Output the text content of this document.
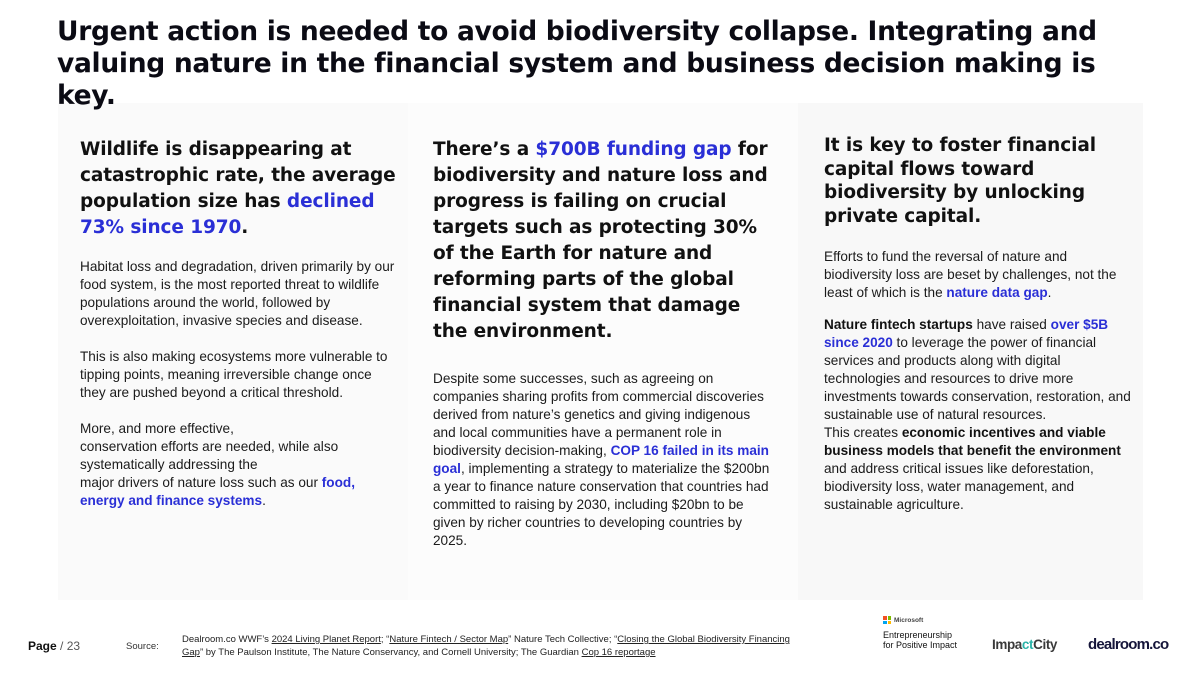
Urgent action is needed to avoid biodiversity collapse. Integrating and valuing nature in the financial system and business decision making is key.
Wildlife is disappearing at catastrophic rate, the average population size has declined 73% since 1970.

Habitat loss and degradation, driven primarily by our food system, is the most reported threat to wildlife populations around the world, followed by overexploitation, invasive species and disease.

This is also making ecosystems more vulnerable to tipping points, meaning irreversible change once they are pushed beyond a critical threshold.

More, and more effective,
conservation efforts are needed, while also systematically addressing the
major drivers of nature loss such as our food, energy and finance systems.

There’s a $700B funding gap for biodiversity and nature loss and progress is failing on crucial targets such as protecting 30% of the Earth for nature and reforming parts of the global financial system that damage the environment.

Despite some successes, such as agreeing on companies sharing profits from commercial discoveries derived from nature’s genetics and giving indigenous and local communities have a permanent role in biodiversity decision-making, COP 16 failed in its main goal, implementing a strategy to materialize the $200bn a year to finance nature conservation that countries had committed to raising by 2030, including $20bn to be given by richer countries to developing countries by 2025.

It is key to foster financial capital flows toward biodiversity by unlocking private capital.

Efforts to fund the reversal of nature and biodiversity loss are beset by challenges, not the least of which is the nature data gap.

Nature fintech startups have raised over $5B since 2020 to leverage the power of financial services and products along with digital technologies and resources to drive more investments towards conservation, restoration, and sustainable use of natural resources.
This creates economic incentives and viable business models that benefit the environment and address critical issues like deforestation, biodiversity loss, water management, and sustainable agriculture.

Page / 23	Source:
Dealroom.co WWF’s 2024 Living Planet Report; “Nature Fintech / Sector Map” Nature Tech Collective; “Closing the Global Biodiversity Financing Gap” by The Paulson Institute, The Nature Conservancy, and Cornell University; The Guardian Cop 16 reportage
Microsoft
Entrepreneurship
for Positive Impact	ImpactCity dealroom.co
